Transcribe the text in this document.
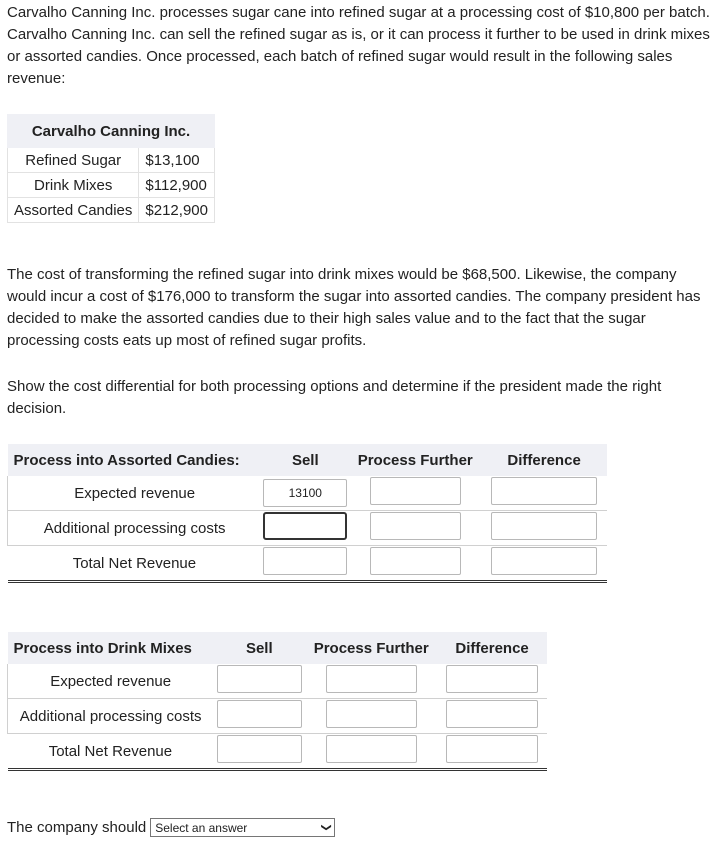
Carvalho Canning Inc. processes sugar cane into refined sugar at a processing cost of $10,800 per batch. Carvalho Canning Inc. can sell the refined sugar as is, or it can process it further to be used in drink mixes or assorted candies. Once processed, each batch of refined sugar would result in the following sales revenue:

Carvalho Canning Inc.	
Refined Sugar	$13,100
Drink Mixes	$112,900
Assorted Candies	$212,900

The cost of transforming the refined sugar into drink mixes would be $68,500. Likewise, the company would incur a cost of $176,000 to transform the sugar into assorted candies. The company president has decided to make the assorted candies due to their high sales value and to the fact that the sugar processing costs eats up most of refined sugar profits.

Show the cost differential for both processing options and determine if the president made the right decision.

Process into Assorted Candies:	Sell	Process Further	Difference
Expected revenue	13100		
Additional processing costs			
Total Net Revenue			
Process into Drink Mixes	Sell	Process Further	Difference
Expected revenue			
Additional processing costs			
Total Net Revenue			
The company should Select an answer	❯
